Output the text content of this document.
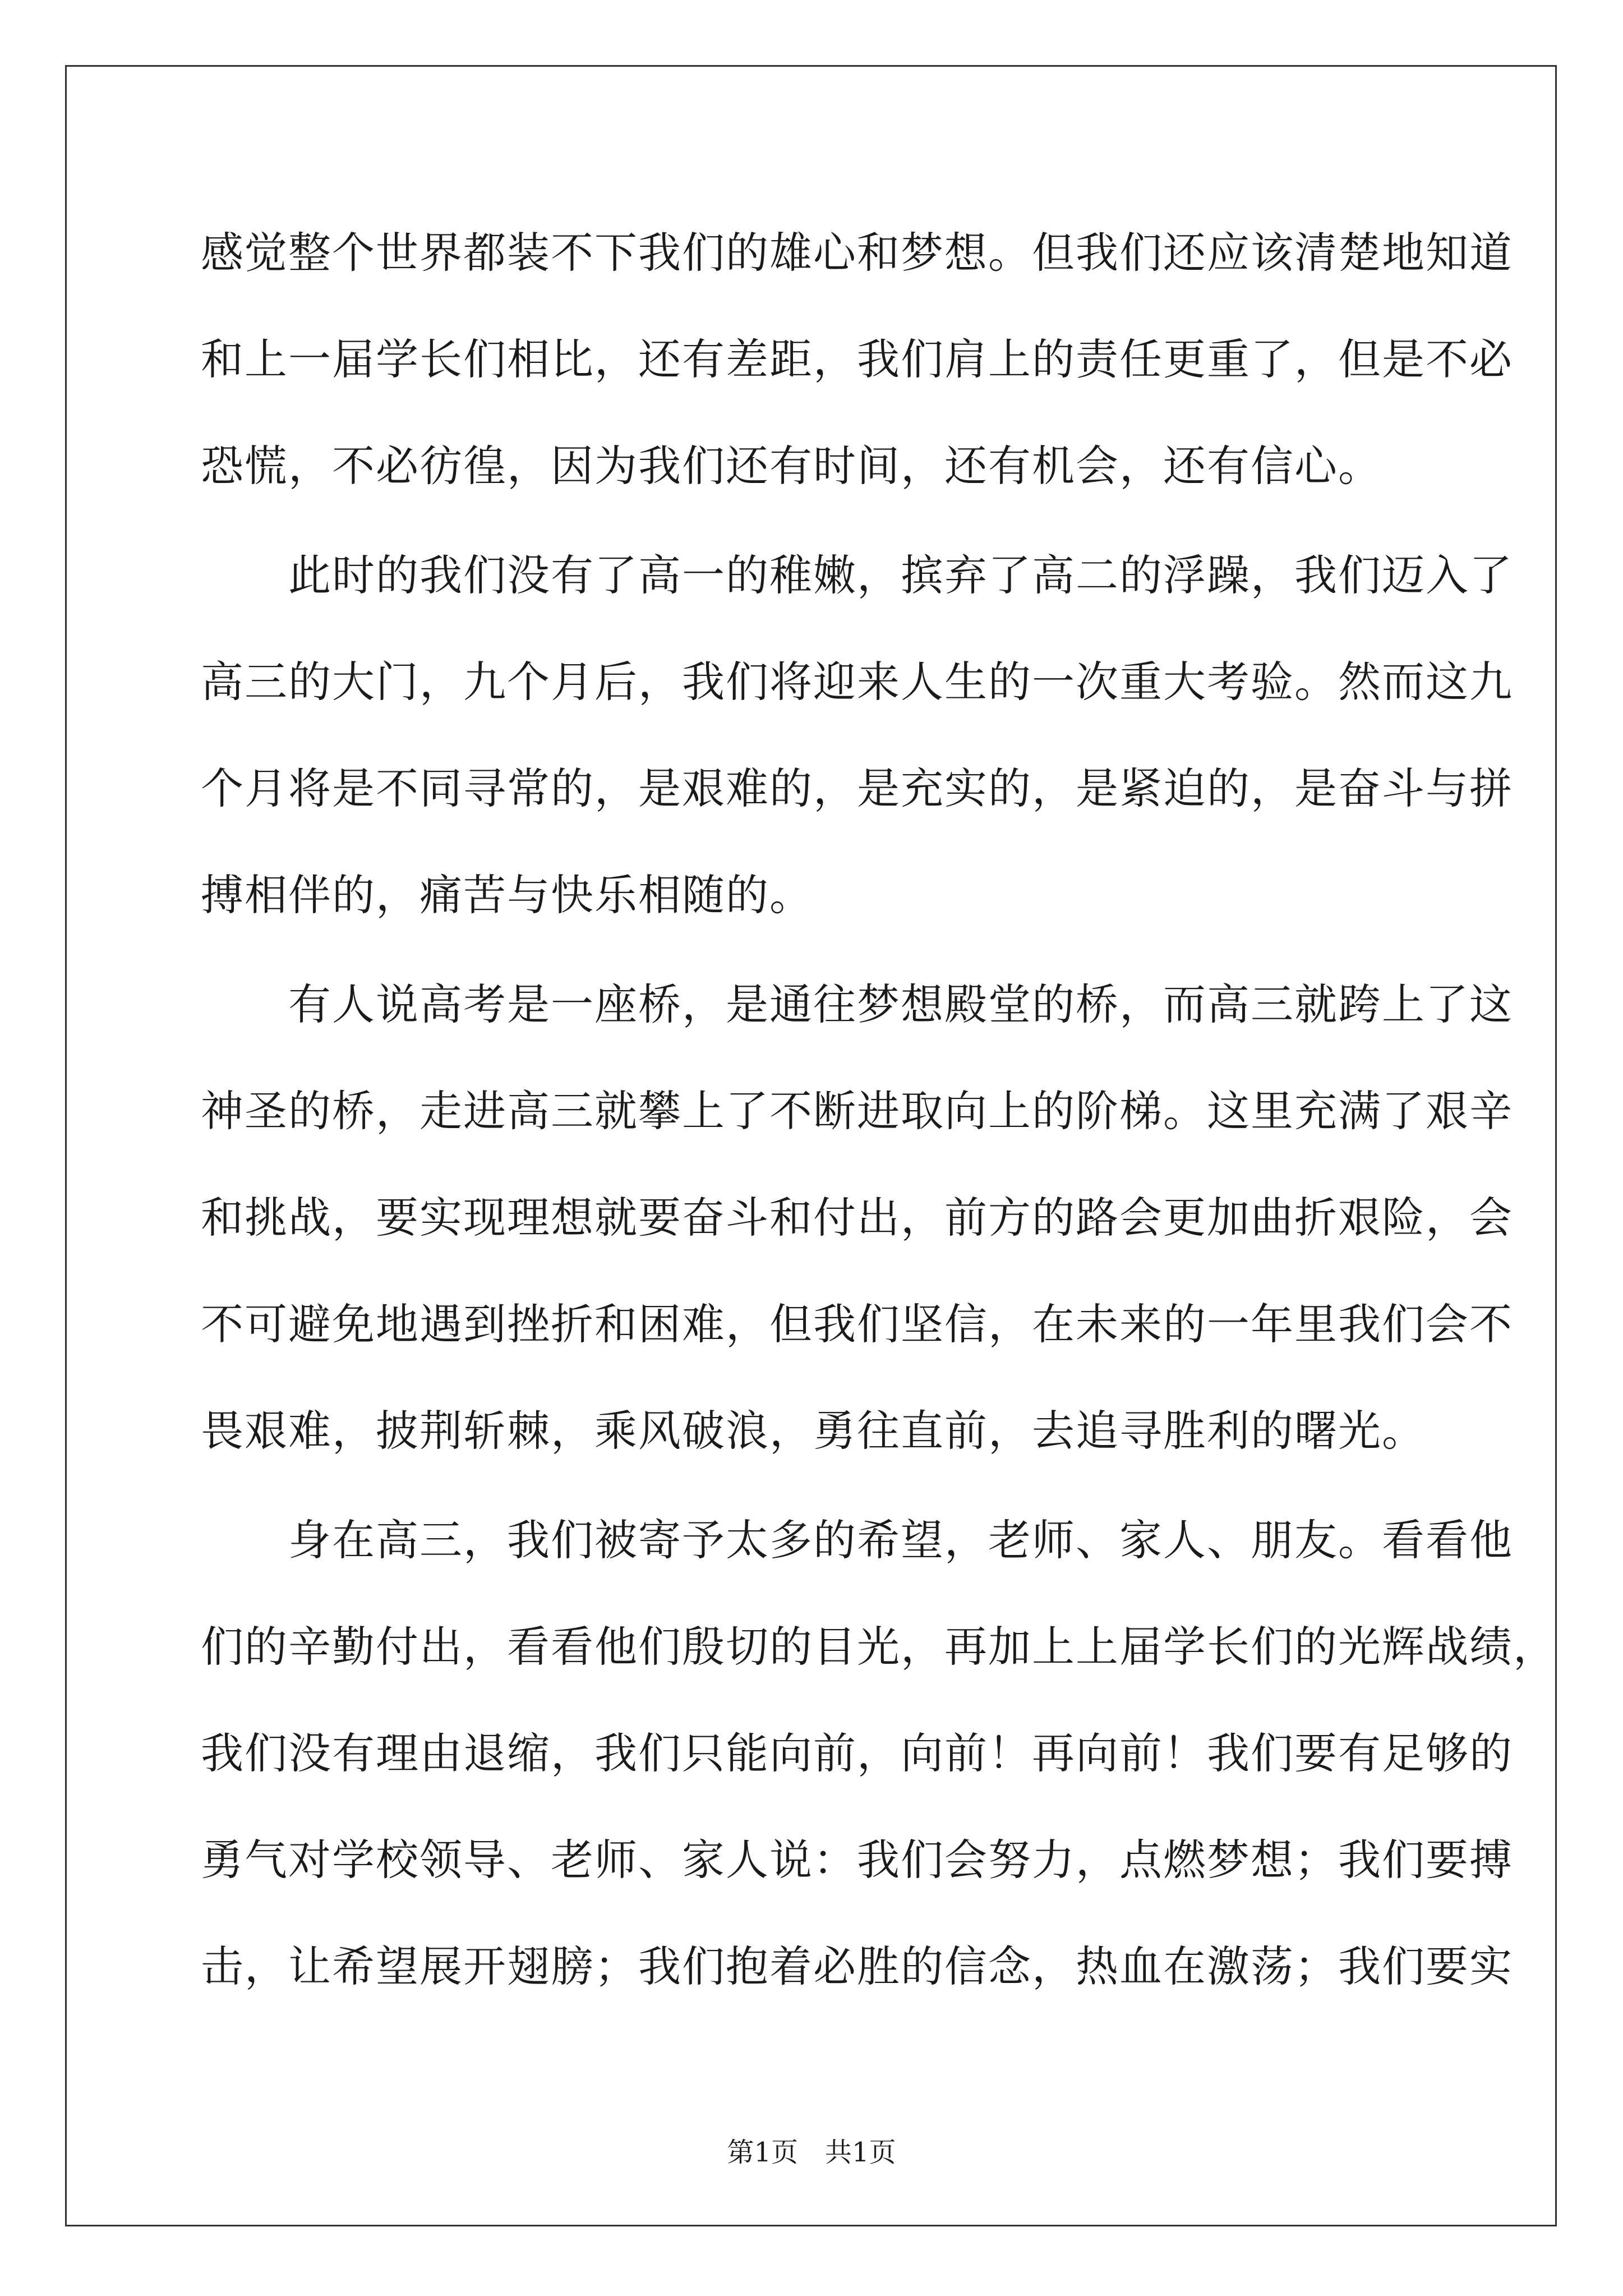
感觉整个世界都装不下我们的雄心和梦想。但我们还应该清楚地知道
和上一届学长们相比，还有差距，我们肩上的责任更重了，但是不必
恐慌，不必彷徨，因为我们还有时间，还有机会，还有信心。
　　此时的我们没有了高一的稚嫩，摈弃了高二的浮躁，我们迈入了
高三的大门，九个月后，我们将迎来人生的一次重大考验。然而这九
个月将是不同寻常的，是艰难的，是充实的，是紧迫的，是奋斗与拼
搏相伴的，痛苦与快乐相随的。
　　有人说高考是一座桥，是通往梦想殿堂的桥，而高三就跨上了这
神圣的桥，走进高三就攀上了不断进取向上的阶梯。这里充满了艰辛
和挑战，要实现理想就要奋斗和付出，前方的路会更加曲折艰险，会
不可避免地遇到挫折和困难，但我们坚信，在未来的一年里我们会不
畏艰难，披荆斩棘，乘风破浪，勇往直前，去追寻胜利的曙光。
　　身在高三，我们被寄予太多的希望，老师、家人、朋友。看看他
们的辛勤付出，看看他们殷切的目光，再加上上届学长们的光辉战绩，
我们没有理由退缩，我们只能向前，向前！再向前！我们要有足够的
勇气对学校领导、老师、家人说：我们会努力，点燃梦想；我们要搏
击，让希望展开翅膀；我们抱着必胜的信念，热血在激荡；我们要实
第1页　共1页
